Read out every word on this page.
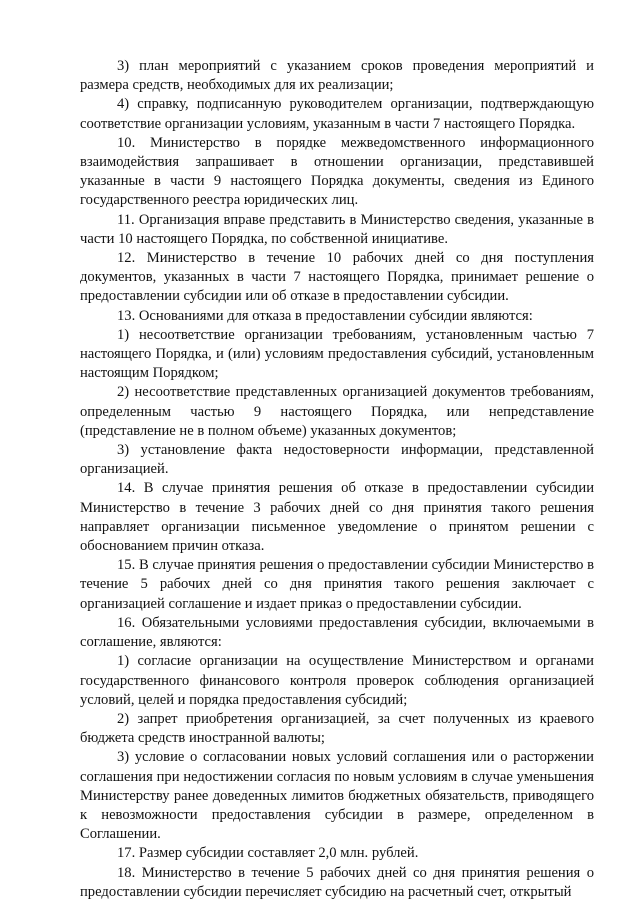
3) план мероприятий с указанием сроков проведения мероприятий и размера средств, необходимых для их реализации;

4) справку, подписанную руководителем организации, подтверждающую соответствие организации условиям, указанным в части 7 настоящего Порядка.

10. Министерство в порядке межведомственного информационного взаимодействия запрашивает в отношении организации, представившей указанные в части 9 настоящего Порядка документы, сведения из Единого государственного реестра юридических лиц.

11. Организация вправе представить в Министерство сведения, указанные в части 10 настоящего Порядка, по собственной инициативе.

12. Министерство в течение 10 рабочих дней со дня поступления документов, указанных в части 7 настоящего Порядка, принимает решение о предоставлении субсидии или об отказе в предоставлении субсидии.

13. Основаниями для отказа в предоставлении субсидии являются:

1) несоответствие организации требованиям, установленным частью 7 настоящего Порядка, и (или) условиям предоставления субсидий, установленным настоящим Порядком;

2) несоответствие представленных организацией документов требованиям, определенным частью 9 настоящего Порядка, или непредставление (представление не в полном объеме) указанных документов;

3) установление факта недостоверности информации, представленной организацией.

14. В случае принятия решения об отказе в предоставлении субсидии Министерство в течение 3 рабочих дней со дня принятия такого решения направляет организации письменное уведомление о принятом решении с обоснованием причин отказа.

15. В случае принятия решения о предоставлении субсидии Министерство в течение 5 рабочих дней со дня принятия такого решения заключает с организацией соглашение и издает приказ о предоставлении субсидии.

16. Обязательными условиями предоставления субсидии, включаемыми в соглашение, являются:

1) согласие организации на осуществление Министерством и органами государственного финансового контроля проверок соблюдения организацией условий, целей и порядка предоставления субсидий;

2) запрет приобретения организацией, за счет полученных из краевого бюджета средств иностранной валюты;

3) условие о согласовании новых условий соглашения или о расторжении соглашения при недостижении согласия по новым условиям в случае уменьшения Министерству ранее доведенных лимитов бюджетных обязательств, приводящего к невозможности предоставления субсидии в размере, определенном в Соглашении.

17. Размер субсидии составляет 2,0 млн. рублей.

18. Министерство в течение 5 рабочих дней со дня принятия решения о предоставлении субсидии перечисляет субсидию на расчетный счет, открытый
